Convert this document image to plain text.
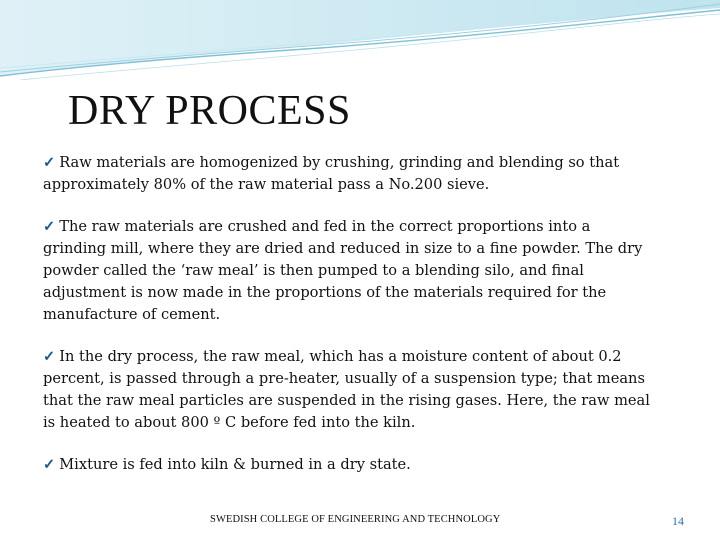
DRY PROCESS

✓ Raw materials are homogenized by crushing, grinding and blending so that approximately 80% of the raw material pass a No.200 sieve.

✓ The raw materials are crushed and fed in the correct proportions into a grinding mill, where they are dried and reduced in size to a fine powder. The dry powder called the ‘raw meal’ is then pumped to a blending silo, and final adjustment is now made in the proportions of the materials required for the manufacture of cement.

✓ In the dry process, the raw meal, which has a moisture content of about 0.2 percent, is passed through a pre-heater, usually of a suspension type; that means that the raw meal particles are suspended in the rising gases. Here, the raw meal is heated to about 800 º C before fed into the kiln.

✓ Mixture is fed into kiln & burned in a dry state.

SWEDISH COLLEGE OF ENGINEERING AND TECHNOLOGY	14
